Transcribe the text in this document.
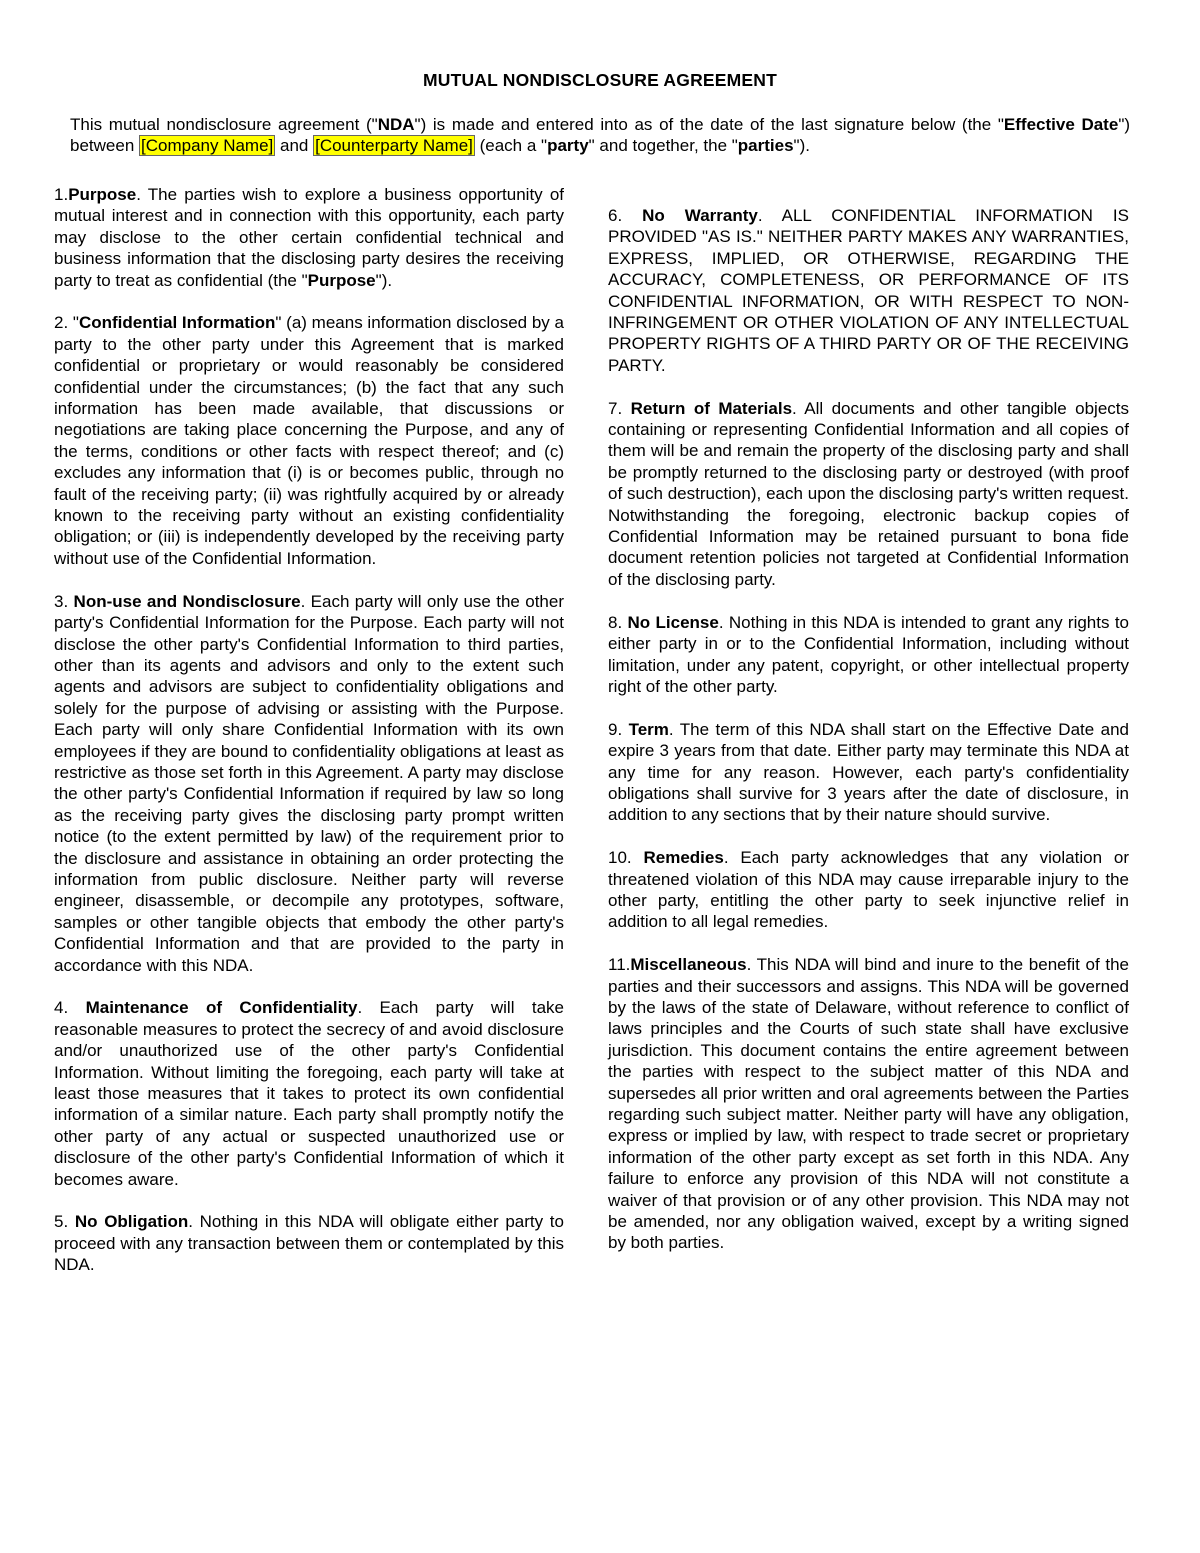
MUTUAL NONDISCLOSURE AGREEMENT
This mutual nondisclosure agreement ("NDA") is made and entered into as of the date of the last signature below (the "Effective Date") between [Company Name] and [Counterparty Name] (each a "party" and together, the "parties").

1.Purpose. The parties wish to explore a business opportunity of mutual interest and in connection with this opportunity, each party may disclose to the other certain confidential technical and business information that the disclosing party desires the receiving party to treat as confidential (the "Purpose").

2. "Confidential Information" (a) means information disclosed by a party to the other party under this Agreement that is marked confidential or proprietary or would reasonably be considered confidential under the circumstances; (b) the fact that any such information has been made available, that discussions or negotiations are taking place concerning the Purpose, and any of the terms, conditions or other facts with respect thereof; and (c) excludes any information that (i) is or becomes public, through no fault of the receiving party; (ii) was rightfully acquired by or already known to the receiving party without an existing confidentiality obligation; or (iii) is independently developed by the receiving party without use of the Confidential Information.

3. Non-use and Nondisclosure. Each party will only use the other party's Confidential Information for the Purpose. Each party will not disclose the other party's Confidential Information to third parties, other than its agents and advisors and only to the extent such agents and advisors are subject to confidentiality obligations and solely for the purpose of advising or assisting with the Purpose. Each party will only share Confidential Information with its own employees if they are bound to confidentiality obligations at least as restrictive as those set forth in this Agreement. A party may disclose the other party's Confidential Information if required by law so long as the receiving party gives the disclosing party prompt written notice (to the extent permitted by law) of the requirement prior to the disclosure and assistance in obtaining an order protecting the information from public disclosure. Neither party will reverse engineer, disassemble, or decompile any prototypes, software, samples or other tangible objects that embody the other party's Confidential Information and that are provided to the party in accordance with this NDA.

4. Maintenance of Confidentiality. Each party will take reasonable measures to protect the secrecy of and avoid disclosure and/or unauthorized use of the other party's Confidential Information. Without limiting the foregoing, each party will take at least those measures that it takes to protect its own confidential information of a similar nature. Each party shall promptly notify the other party of any actual or suspected unauthorized use or disclosure of the other party's Confidential Information of which it becomes aware.

5. No Obligation. Nothing in this NDA will obligate either party to proceed with any transaction between them or contemplated by this NDA.

6. No Warranty. ALL CONFIDENTIAL INFORMATION IS PROVIDED "AS IS." NEITHER PARTY MAKES ANY WARRANTIES, EXPRESS, IMPLIED, OR OTHERWISE, REGARDING THE ACCURACY, COMPLETENESS, OR PERFORMANCE OF ITS CONFIDENTIAL INFORMATION, OR WITH RESPECT TO NON-INFRINGEMENT OR OTHER VIOLATION OF ANY INTELLECTUAL PROPERTY RIGHTS OF A THIRD PARTY OR OF THE RECEIVING PARTY.

7. Return of Materials. All documents and other tangible objects containing or representing Confidential Information and all copies of them will be and remain the property of the disclosing party and shall be promptly returned to the disclosing party or destroyed (with proof of such destruction), each upon the disclosing party's written request. Notwithstanding the foregoing, electronic backup copies of Confidential Information may be retained pursuant to bona fide document retention policies not targeted at Confidential Information of the disclosing party.

8. No License. Nothing in this NDA is intended to grant any rights to either party in or to the Confidential Information, including without limitation, under any patent, copyright, or other intellectual property right of the other party.

9. Term. The term of this NDA shall start on the Effective Date and expire 3 years from that date. Either party may terminate this NDA at any time for any reason. However, each party's confidentiality obligations shall survive for 3 years after the date of disclosure, in addition to any sections that by their nature should survive.

10. Remedies. Each party acknowledges that any violation or threatened violation of this NDA may cause irreparable injury to the other party, entitling the other party to seek injunctive relief in addition to all legal remedies.

11.Miscellaneous. This NDA will bind and inure to the benefit of the parties and their successors and assigns. This NDA will be governed by the laws of the state of Delaware, without reference to conflict of laws principles and the Courts of such state shall have exclusive jurisdiction. This document contains the entire agreement between the parties with respect to the subject matter of this NDA and supersedes all prior written and oral agreements between the Parties regarding such subject matter. Neither party will have any obligation, express or implied by law, with respect to trade secret or proprietary information of the other party except as set forth in this NDA. Any failure to enforce any provision of this NDA will not constitute a waiver of that provision or of any other provision. This NDA may not be amended, nor any obligation waived, except by a writing signed by both parties.
